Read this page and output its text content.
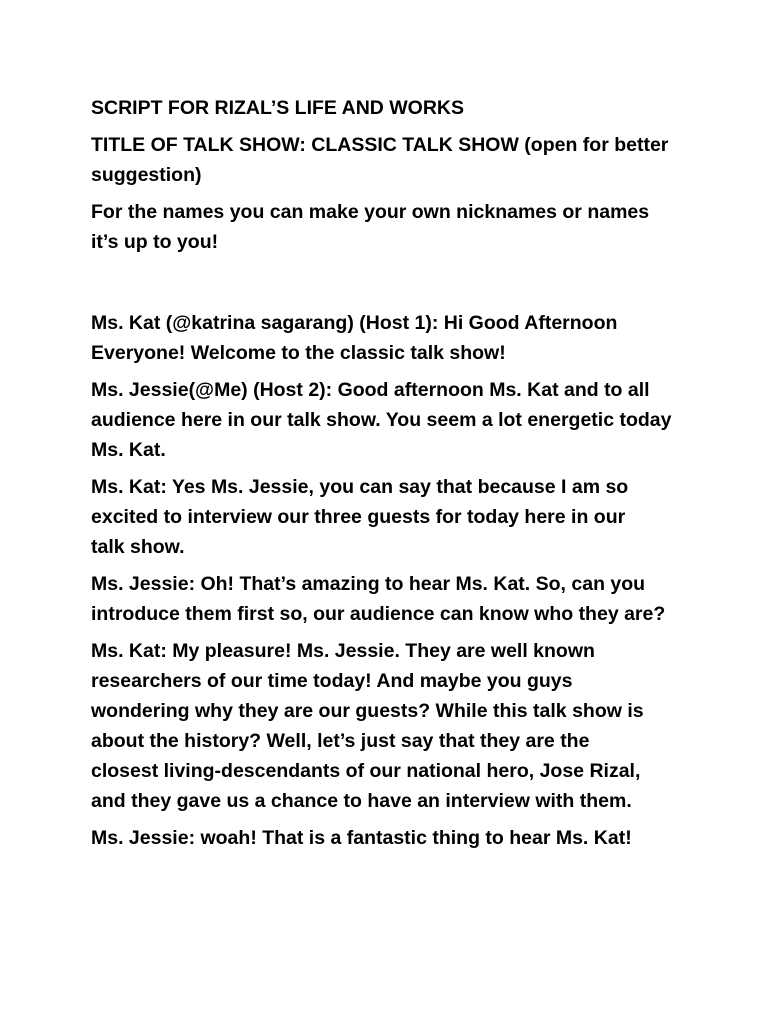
SCRIPT FOR RIZAL’S LIFE AND WORKS

TITLE OF TALK SHOW: CLASSIC TALK SHOW (open for better
suggestion)

For the names you can make your own nicknames or names
it’s up to you!

Ms. Kat (@katrina sagarang) (Host 1): Hi Good Afternoon
Everyone! Welcome to the classic talk show!

Ms. Jessie(@Me) (Host 2): Good afternoon Ms. Kat and to all
audience here in our talk show. You seem a lot energetic today
Ms. Kat.

Ms. Kat: Yes Ms. Jessie, you can say that because I am so
excited to interview our three guests for today here in our
talk show.

Ms. Jessie: Oh! That’s amazing to hear Ms. Kat. So, can you
introduce them first so, our audience can know who they are?

Ms. Kat: My pleasure! Ms. Jessie. They are well known
researchers of our time today! And maybe you guys
wondering why they are our guests? While this talk show is
about the history? Well, let’s just say that they are the
closest living-descendants of our national hero, Jose Rizal,
and they gave us a chance to have an interview with them.

Ms. Jessie: woah! That is a fantastic thing to hear Ms. Kat!
